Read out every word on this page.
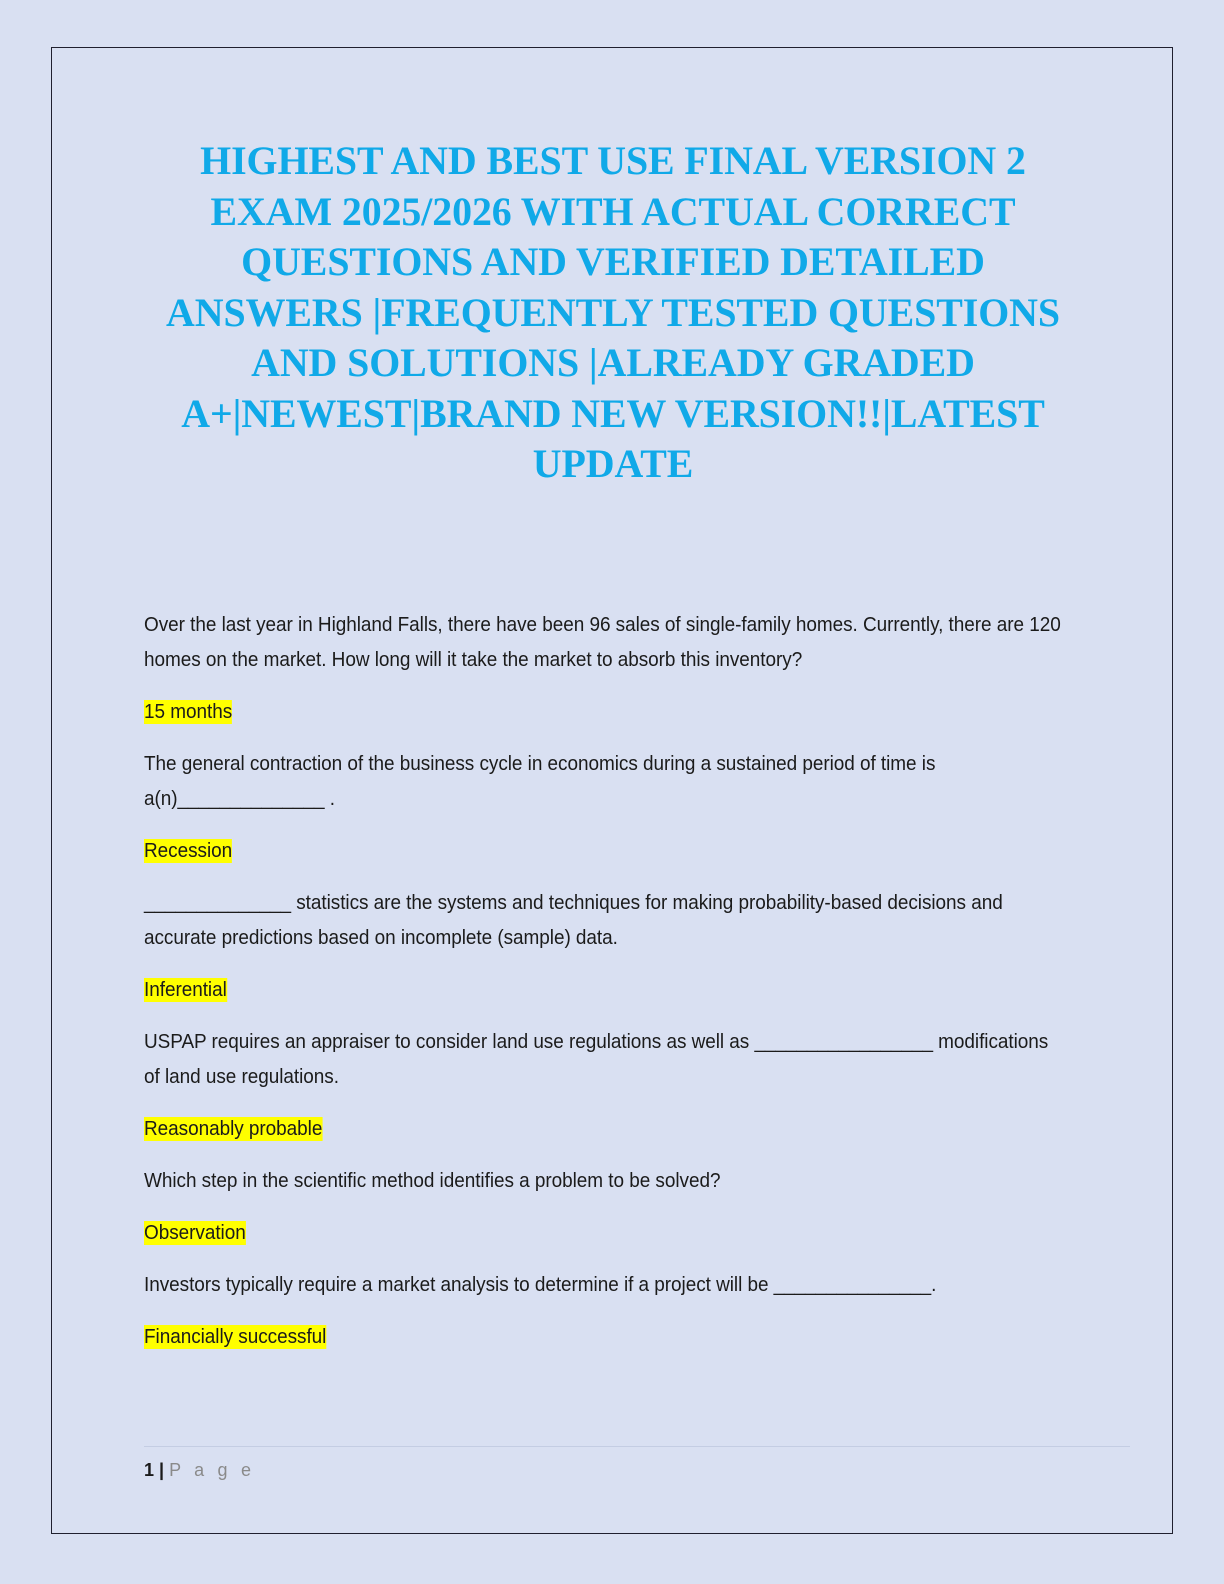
HIGHEST AND BEST USE FINAL VERSION 2 EXAM 2025/2026 WITH ACTUAL CORRECT QUESTIONS AND VERIFIED DETAILED ANSWERS |FREQUENTLY TESTED QUESTIONS AND SOLUTIONS |ALREADY GRADED A+|NEWEST|BRAND NEW VERSION!!|LATEST UPDATE

Over the last year in Highland Falls, there have been 96 sales of single-family homes. Currently, there are 120 homes on the market. How long will it take the market to absorb this inventory?

15 months

The general contraction of the business cycle in economics during a sustained period of time is a(n)______________ .

Recession

______________ statistics are the systems and techniques for making probability-based decisions and accurate predictions based on incomplete (sample) data.

Inferential

USPAP requires an appraiser to consider land use regulations as well as _________________ modifications of land use regulations.

Reasonably probable

Which step in the scientific method identifies a problem to be solved?

Observation

Investors typically require a market analysis to determine if a project will be _______________.

Financially successful

1 | P a g e
